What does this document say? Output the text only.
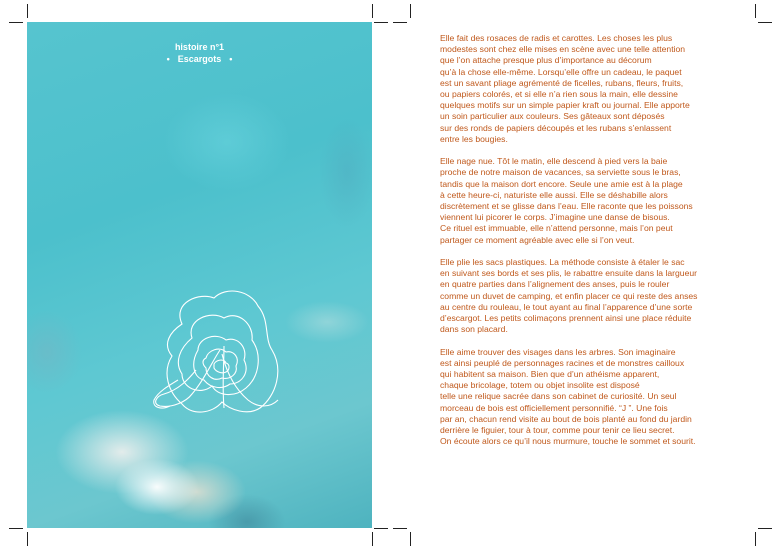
histoire n°1
• Escargots •

Elle fait des rosaces de radis et carottes. Les choses les plus
modestes sont chez elle mises en scène avec une telle attention
que l’on attache presque plus d’importance au décorum
qu’à la chose elle-même. Lorsqu’elle offre un cadeau, le paquet
est un savant pliage agrémenté de ficelles, rubans, fleurs, fruits,
ou papiers colorés, et si elle n’a rien sous la main, elle dessine
quelques motifs sur un simple papier kraft ou journal. Elle apporte
un soin particulier aux couleurs. Ses gâteaux sont déposés
sur des ronds de papiers découpés et les rubans s’enlassent
entre les bougies.

Elle nage nue. Tôt le matin, elle descend à pied vers la baie
proche de notre maison de vacances, sa serviette sous le bras,
tandis que la maison dort encore. Seule une amie est à la plage
à cette heure-ci, naturiste elle aussi. Elle se déshabille alors
discrètement et se glisse dans l’eau. Elle raconte que les poissons
viennent lui picorer le corps. J’imagine une danse de bisous.
Ce rituel est immuable, elle n’attend personne, mais l’on peut
partager ce moment agréable avec elle si l’on veut.

Elle plie les sacs plastiques. La méthode consiste à étaler le sac
en suivant ses bords et ses plis, le rabattre ensuite dans la largueur
en quatre parties dans l’alignement des anses, puis le rouler
comme un duvet de camping, et enfin placer ce qui reste des anses
au centre du rouleau, le tout ayant au final l’apparence d’une sorte
d’escargot. Les petits colimaçons prennent ainsi une place réduite
dans son placard.

Elle aime trouver des visages dans les arbres. Son imaginaire
est ainsi peuplé de personnages racines et de monstres cailloux
qui habitent sa maison. Bien que d’un athéisme apparent,
chaque bricolage, totem ou objet insolite est disposé
telle une relique sacrée dans son cabinet de curiosité. Un seul
morceau de bois est officiellement personnifié. “J ”. Une fois
par an, chacun rend visite au bout de bois planté au fond du jardin
derrière le figuier, tour à tour, comme pour tenir ce lieu secret.
On écoute alors ce qu’il nous murmure, touche le sommet et sourit.
